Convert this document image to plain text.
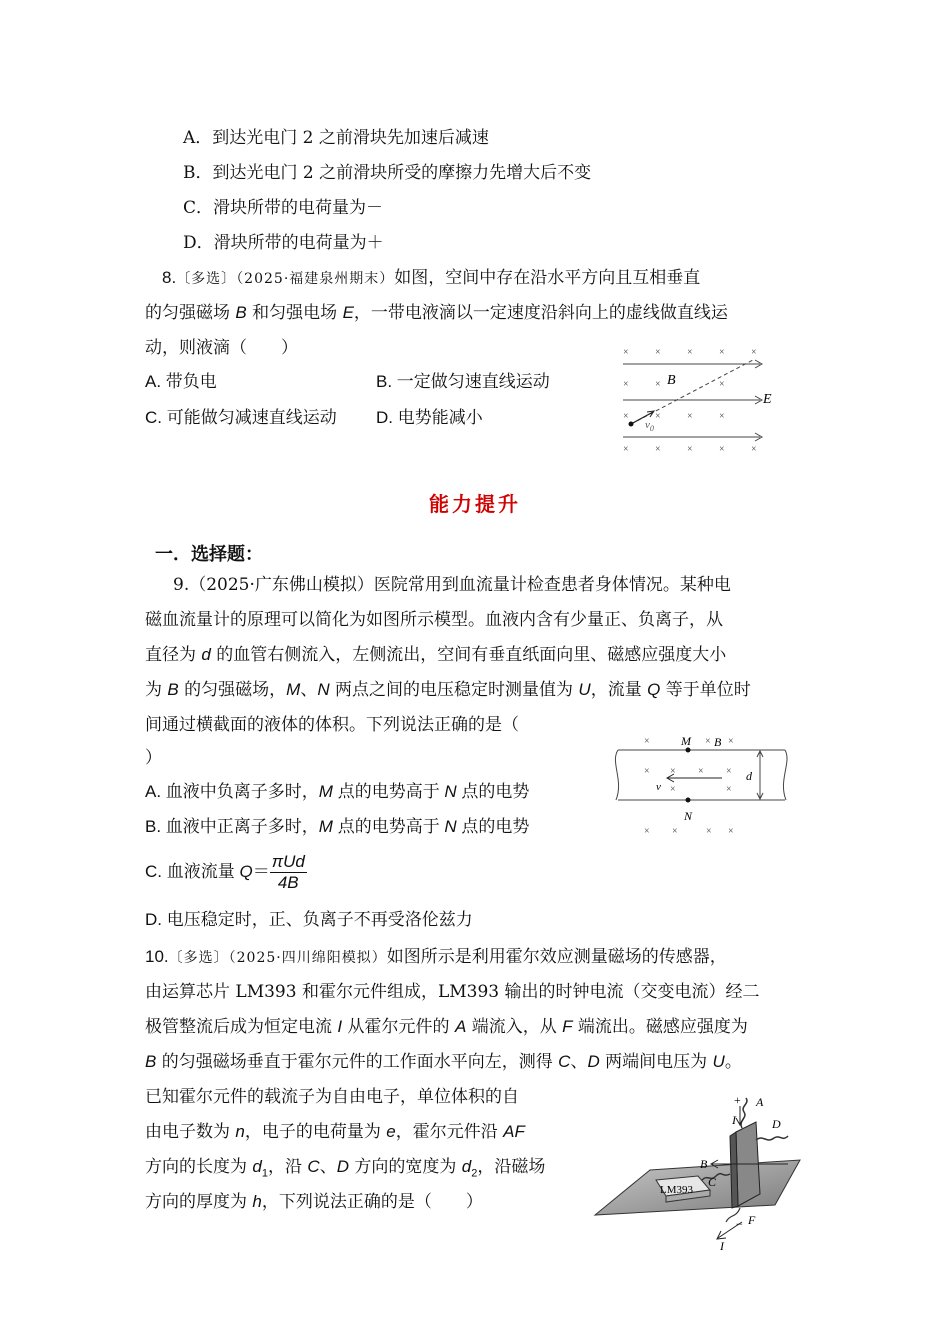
A．到达光电门 2 之前滑块先加速后减速
B．到达光电门 2 之前滑块所受的摩擦力先增大后不变
C．滑块所带的电荷量为－
D．滑块所带的电荷量为＋
8.〔多选〕（2025·福建泉州期末）如图，空间中存在沿水平方向且互相垂直
的匀强磁场 B 和匀强电场 E，一带电液滴以一定速度沿斜向上的虚线做直线运
动，则液滴（　　）
A. 带负电	B. 一定做匀速直线运动
C. 可能做匀减速直线运动 D. 电势能减小
×	×	×	×	×
×	×	×
×	×	×	×
×	×	×	×	×
B
E
$v_0$
能力提升
一．选择题：
9.（2025·广东佛山模拟）医院常用到血流量计检查患者身体情况。某种电
磁血流量计的原理可以简化为如图所示模型。血液内含有少量正、负离子，从
直径为 d 的血管右侧流入，左侧流出，空间有垂直纸面向里、磁感应强度大小
为 B 的匀强磁场，M、N 两点之间的电压稳定时测量值为 U，流量 Q 等于单位时
间通过横截面的液体的体积。下列说法正确的是（
）
A. 血液中负离子多时，M 点的电势高于 N 点的电势
B. 血液中正离子多时，M 点的电势高于 N 点的电势
C. 血液流量 $Q= \frac{\text{πUd}}{4B}$
D. 电压稳定时，正、负离子不再受洛伦兹力
×	× ×
× × × ×
×	×
× ×	× ×
M
N
B
v
d
10.〔多选〕（2025·四川绵阳模拟）如图所示是利用霍尔效应测量磁场的传感器，
由运算芯片 LM393 和霍尔元件组成，LM393 输出的时钟电流（交变电流）经二
极管整流后成为恒定电流 I 从霍尔元件的 A 端流入，从 F 端流出。磁感应强度为
B 的匀强磁场垂直于霍尔元件的工作面水平向左，测得 C、D 两端间电压为 U。
已知霍尔元件的载流子为自由电子，单位体积的自
由电子数为 n，电子的电荷量为 e，霍尔元件沿 AF
方向的长度为 $d_1$，沿 C、D 方向的宽度为 $d_2$，沿磁场
方向的厚度为 h，下列说法正确的是（　　）
LM393
B
+ A
I	D
C
− F
I
